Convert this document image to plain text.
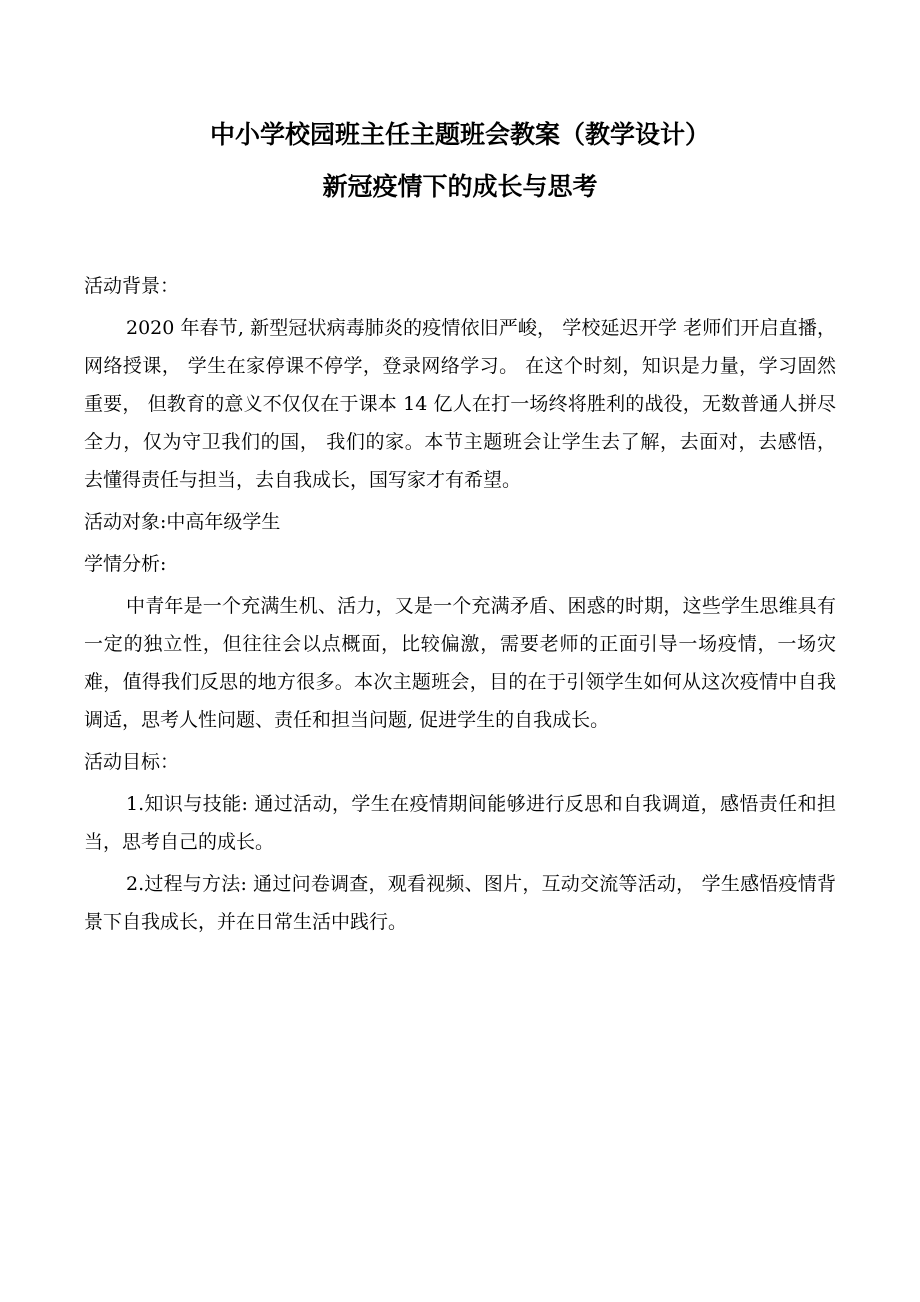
中小学校园班主任主题班会教案（教学设计）
新冠疫情下的成长与思考
活动背景：
2020 年春节, 新型冠状病毒肺炎的疫情依旧严峻， 学校延迟开学 老师们开启直播，网络授课， 学生在家停课不停学，登录网络学习。 在这个时刻，知识是力量，学习固然重要， 但教育的意义不仅仅在于课本 14 亿人在打一场终将胜利的战役，无数普通人拼尽全力，仅为守卫我们的国， 我们的家。本节主题班会让学生去了解，去面对，去感悟， 去懂得责任与担当，去自我成长，国写家才有希望。
活动对象:中高年级学生
学情分析:
中青年是一个充满生机、活力，又是一个充满矛盾、困惑的时期，这些学生思维具有一定的独立性，但往往会以点概面，比较偏激，需要老师的正面引导一场疫情，一场灾难，值得我们反思的地方很多。本次主题班会，目的在于引领学生如何从这次疫情中自我调适，思考人性问题、责任和担当问题, 促进学生的自我成长。
活动目标：
1.知识与技能: 通过活动，学生在疫情期间能够进行反思和自我调道，感悟责任和担当，思考自己的成长。
2.过程与方法: 通过问卷调查，观看视频、图片，互动交流等活动， 学生感悟疫情背景下自我成长，并在日常生活中践行。
